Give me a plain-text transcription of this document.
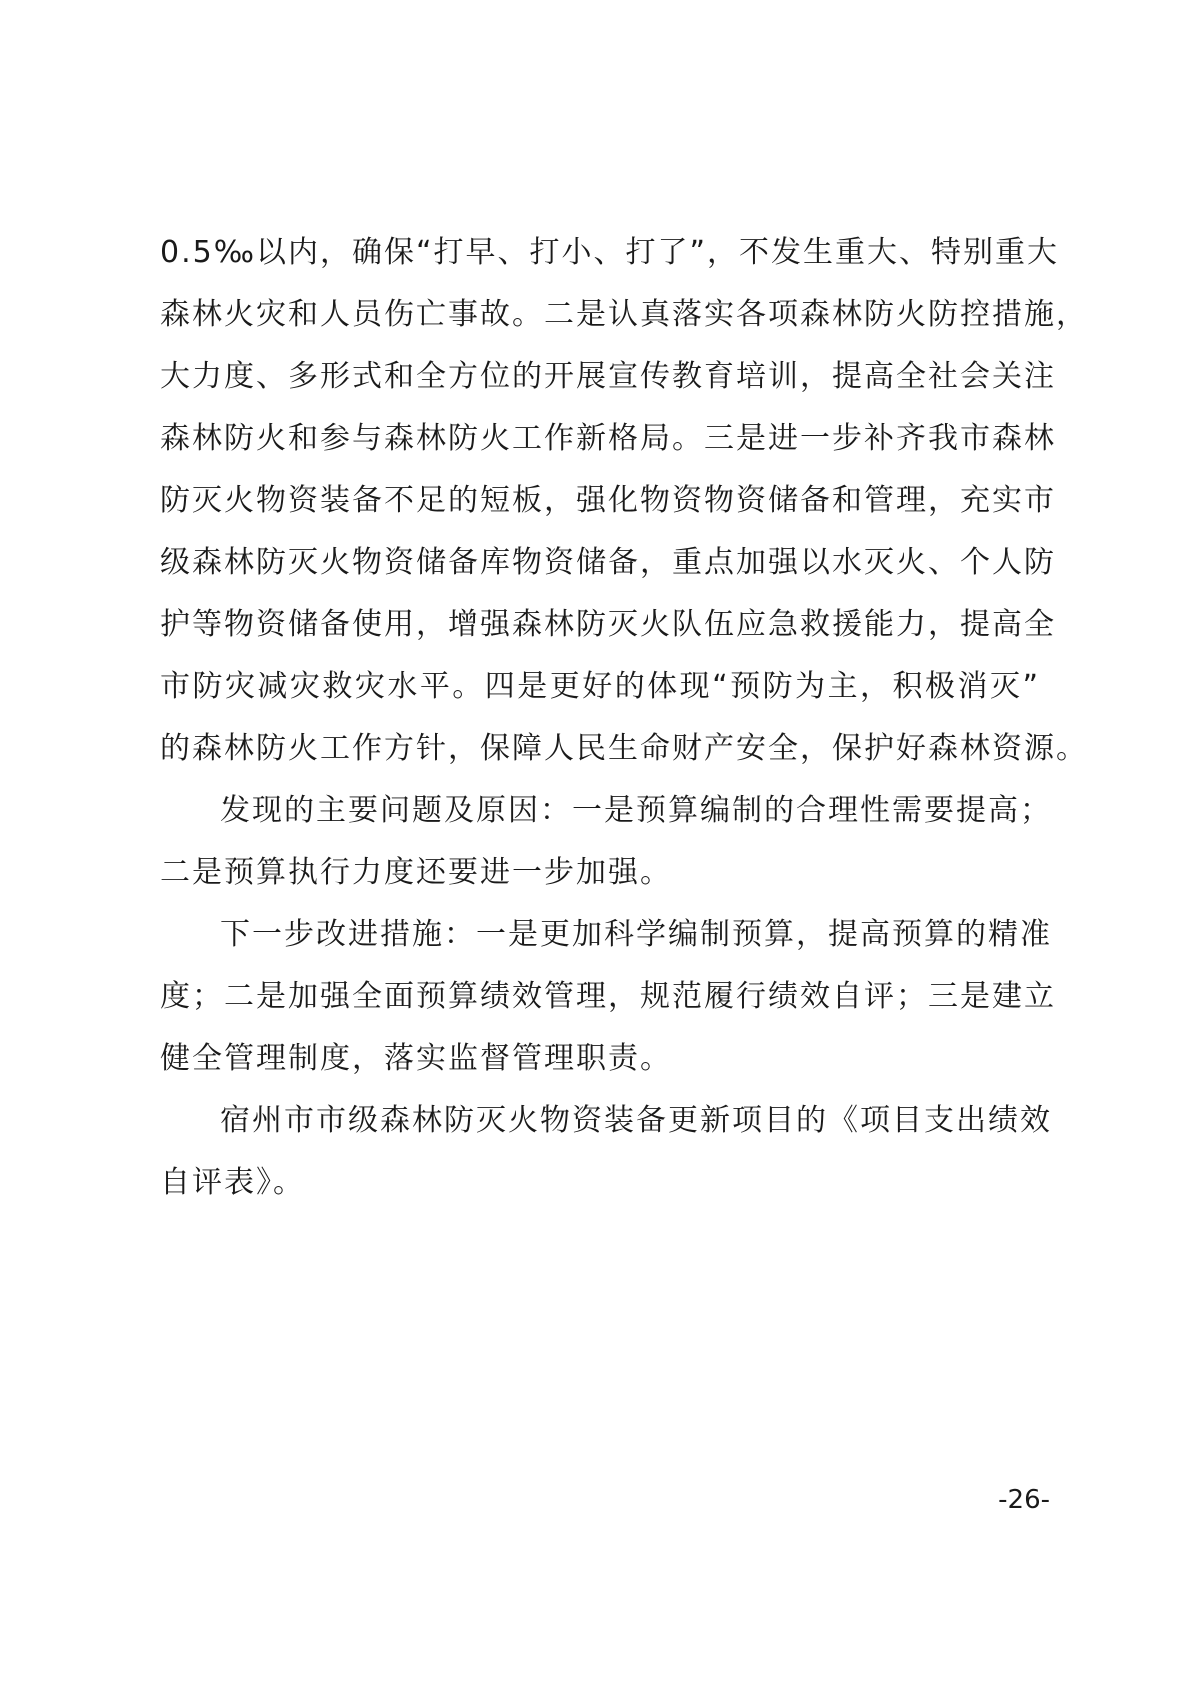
0.5‰以内，确保“打早、打小、打了”，不发生重大、特别重大
森林火灾和人员伤亡事故。二是认真落实各项森林防火防控措施，
大力度、多形式和全方位的开展宣传教育培训，提高全社会关注
森林防火和参与森林防火工作新格局。三是进一步补齐我市森林
防灭火物资装备不足的短板，强化物资物资储备和管理，充实市
级森林防灭火物资储备库物资储备，重点加强以水灭火、个人防
护等物资储备使用，增强森林防灭火队伍应急救援能力，提高全
市防灾减灾救灾水平。四是更好的体现“预防为主，积极消灭”
的森林防火工作方针，保障人民生命财产安全，保护好森林资源。
发现的主要问题及原因：一是预算编制的合理性需要提高；
二是预算执行力度还要进一步加强。
下一步改进措施：一是更加科学编制预算，提高预算的精准
度；二是加强全面预算绩效管理，规范履行绩效自评；三是建立
健全管理制度，落实监督管理职责。
宿州市市级森林防灭火物资装备更新项目的《项目支出绩效
自评表》。
-26-
